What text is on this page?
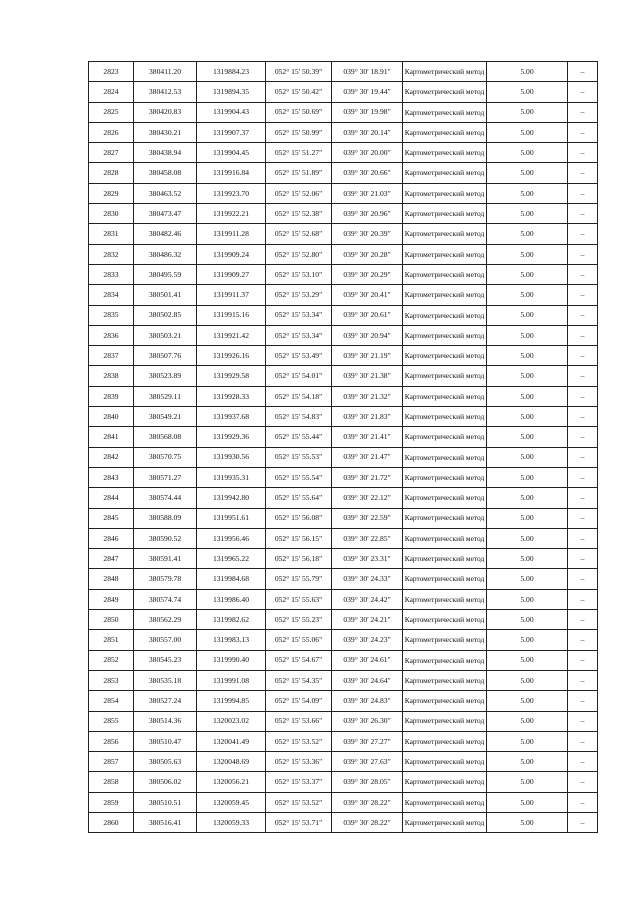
2823	380411.20	1319884.23	052° 15' 50.39"	039° 30' 18.91"	Картометрический метод	5.00	–
2824	380412.53	1319894.35	052° 15' 50.42"	039° 30' 19.44"	Картометрический метод	5.00	–
2825	380420.83	1319904.43	052° 15' 50.69"	039° 30' 19.98"	Картометрический метод	5.00	–
2826	380430.21	1319907.37	052° 15' 50.99"	039° 30' 20.14"	Картометрический метод	5.00	–
2827	380438.94	1319904.45	052° 15' 51.27"	039° 30' 20.00"	Картометрический метод	5.00	–
2828	380458.08	1319916.84	052° 15' 51.89"	039° 30' 20.66"	Картометрический метод	5.00	–
2829	380463.52	1319923.70	052° 15' 52.06"	039° 30' 21.03"	Картометрический метод	5.00	–
2830	380473.47	1319922.21	052° 15' 52.38"	039° 30' 20.96"	Картометрический метод	5.00	–
2831	380482.46	1319911.28	052° 15' 52.68"	039° 30' 20.39"	Картометрический метод	5.00	–
2832	380486.32	1319909.24	052° 15' 52.80"	039° 30' 20.28"	Картометрический метод	5.00	–
2833	380495.59	1319909.27	052° 15' 53.10"	039° 30' 20.29"	Картометрический метод	5.00	–
2834	380501.41	1319911.37	052° 15' 53.29"	039° 30' 20.41"	Картометрический метод	5.00	–
2835	380502.85	1319915.16	052° 15' 53.34"	039° 30' 20.61"	Картометрический метод	5.00	–
2836	380503.21	1319921.42	052° 15' 53.34"	039° 30' 20.94"	Картометрический метод	5.00	–
2837	380507.76	1319926.16	052° 15' 53.49"	039° 30' 21.19"	Картометрический метод	5.00	–
2838	380523.89	1319929.58	052° 15' 54.01"	039° 30' 21.38"	Картометрический метод	5.00	–
2839	380529.11	1319928.33	052° 15' 54.18"	039° 30' 21.32"	Картометрический метод	5.00	–
2840	380549.21	1319937.68	052° 15' 54.83"	039° 30' 21.83"	Картометрический метод	5.00	–
2841	380568.08	1319929.36	052° 15' 55.44"	039° 30' 21.41"	Картометрический метод	5.00	–
2842	380570.75	1319930.56	052° 15' 55.53"	039° 30' 21.47"	Картометрический метод	5.00	–
2843	380571.27	1319935.31	052° 15' 55.54"	039° 30' 21.72"	Картометрический метод	5.00	–
2844	380574.44	1319942.80	052° 15' 55.64"	039° 30' 22.12"	Картометрический метод	5.00	–
2845	380588.09	1319951.61	052° 15' 56.08"	039° 30' 22.59"	Картометрический метод	5.00	–
2846	380590.52	1319956.46	052° 15' 56.15"	039° 30' 22.85"	Картометрический метод	5.00	–
2847	380591.41	1319965.22	052° 15' 56.18"	039° 30' 23.31"	Картометрический метод	5.00	–
2848	380579.78	1319984.68	052° 15' 55.79"	039° 30' 24.33"	Картометрический метод	5.00	–
2849	380574.74	1319986.40	052° 15' 55.63"	039° 30' 24.42"	Картометрический метод	5.00	–
2850	380562.29	1319982.62	052° 15' 55.23"	039° 30' 24.21"	Картометрический метод	5.00	–
2851	380557.00	1319983.13	052° 15' 55.06"	039° 30' 24.23"	Картометрический метод	5.00	–
2852	380545.23	1319990.40	052° 15' 54.67"	039° 30' 24.61"	Картометрический метод	5.00	–
2853	380535.18	1319991.08	052° 15' 54.35"	039° 30' 24.64"	Картометрический метод	5.00	–
2854	380527.24	1319994.85	052° 15' 54.09"	039° 30' 24.83"	Картометрический метод	5.00	–
2855	380514.36	1320023.02	052° 15' 53.66"	039° 30' 26.30"	Картометрический метод	5.00	–
2856	380510.47	1320041.49	052° 15' 53.52"	039° 30' 27.27"	Картометрический метод	5.00	–
2857	380505.63	1320048.69	052° 15' 53.36"	039° 30' 27.63"	Картометрический метод	5.00	–
2858	380506.02	1320056.21	052° 15' 53.37"	039° 30' 28.05"	Картометрический метод	5.00	–
2859	380510.51	1320059.45	052° 15' 53.52"	039° 30' 28.22"	Картометрический метод	5.00	–
2860	380516.41	1320059.33	052° 15' 53.71"	039° 30' 28.22"	Картометрический метод	5.00	–
